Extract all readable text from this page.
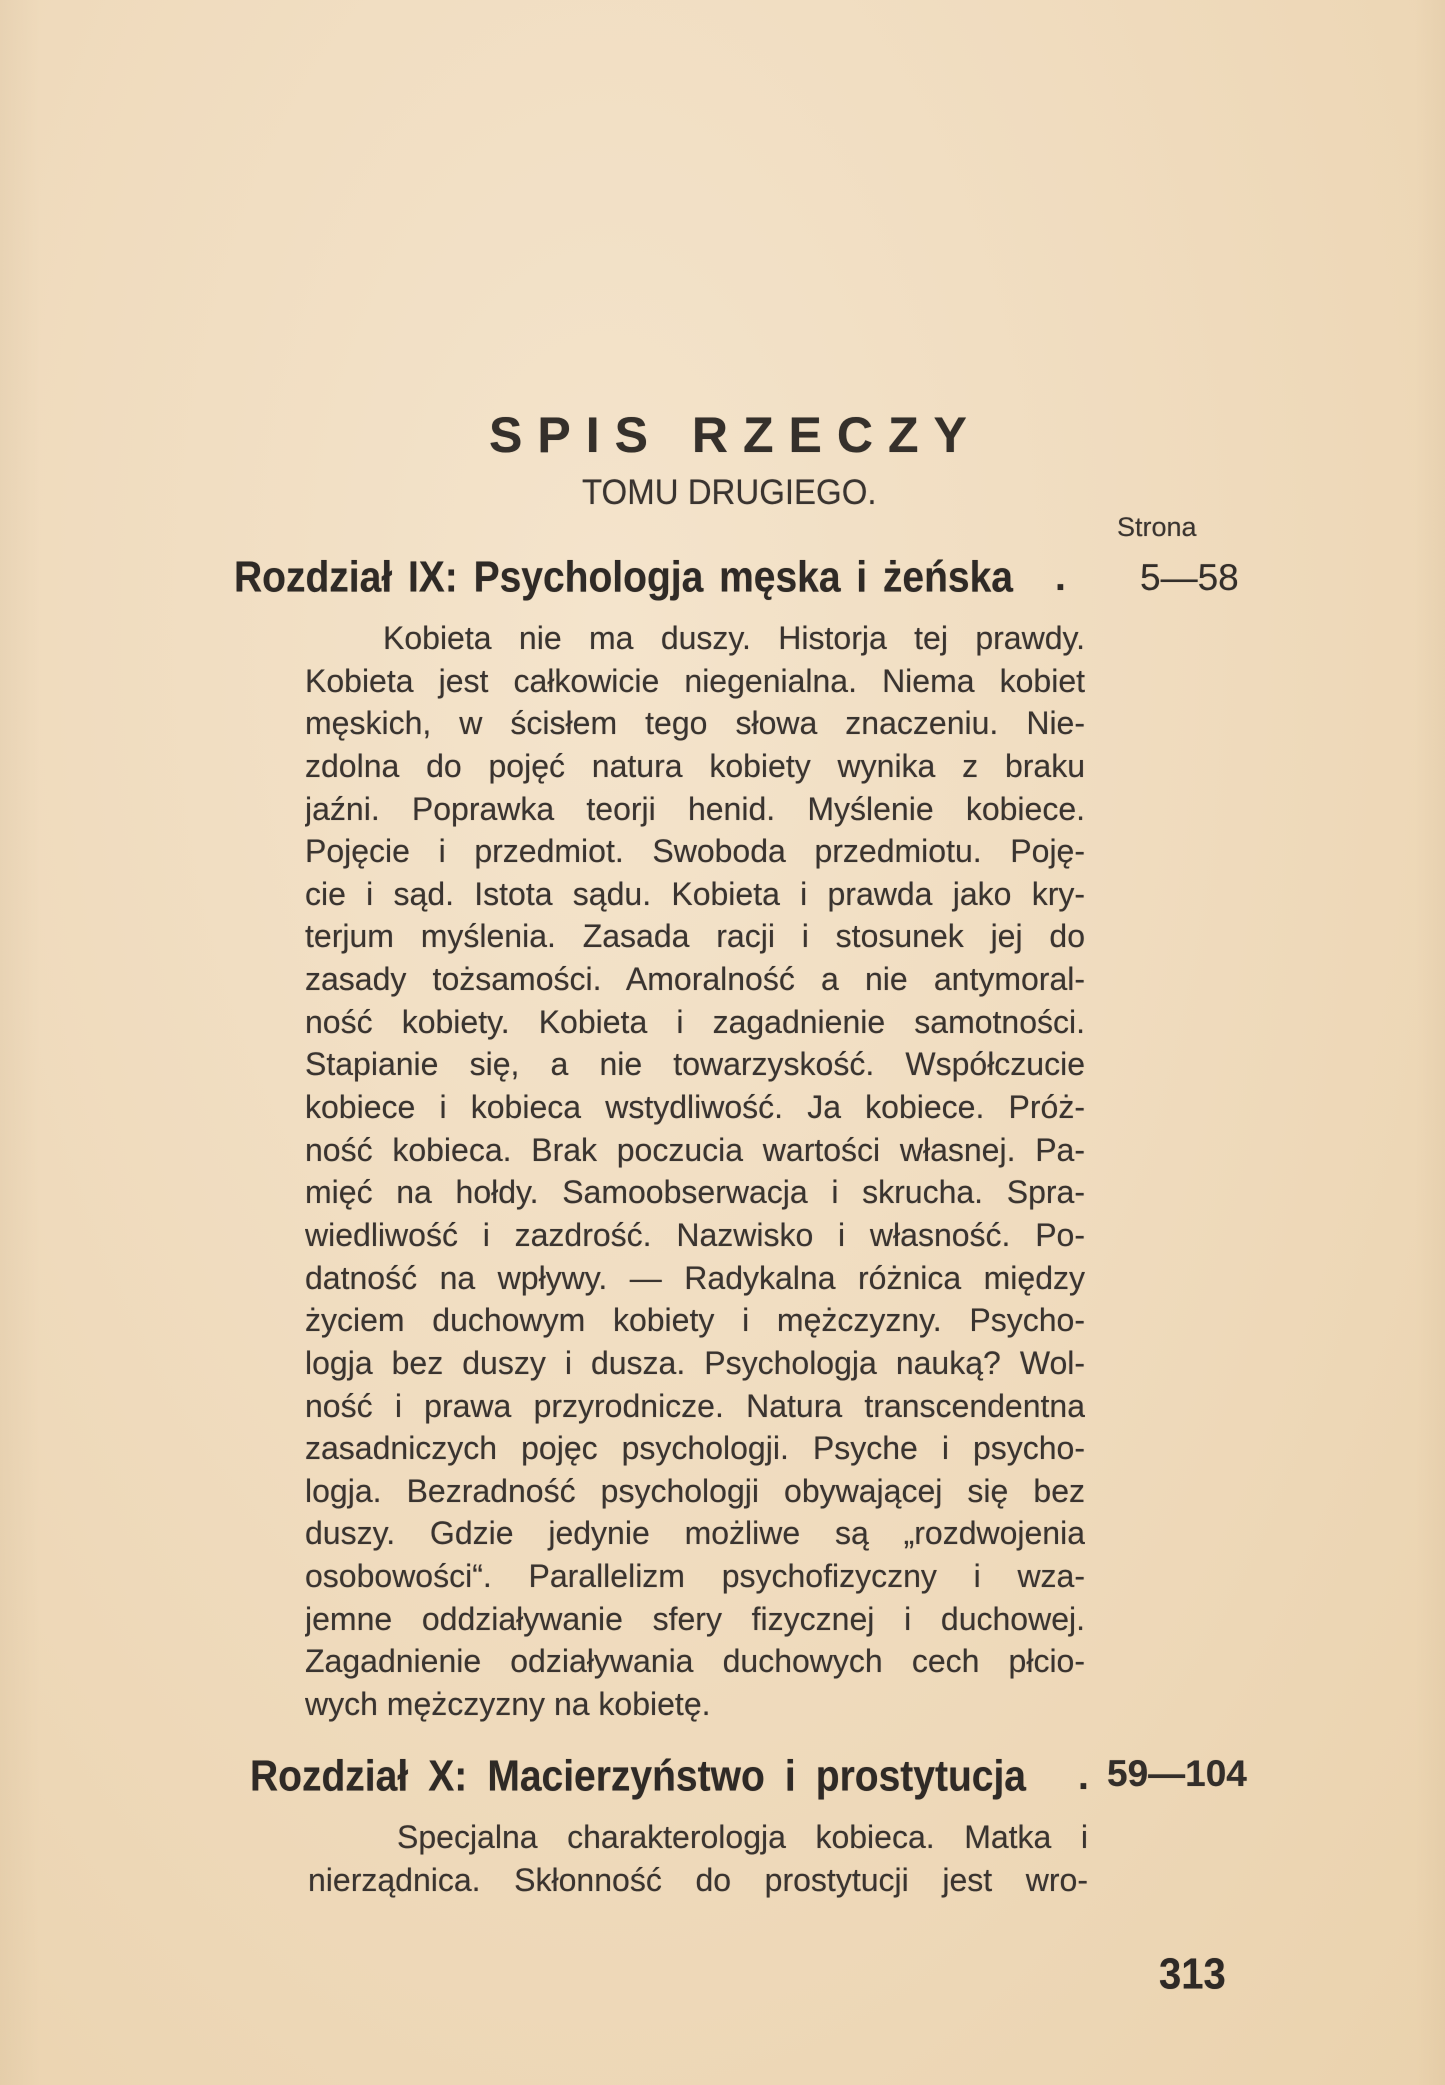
SPIS RZECZY
TOMU DRUGIEGO.
Strona
Rozdział IX: Psychologja męska i żeńska . 5—58
Kobieta nie ma duszy. Historja tej prawdy.
Kobieta jest całkowicie niegenialna. Niema kobiet
męskich, w ścisłem tego słowa znaczeniu. Nie-
zdolna do pojęć natura kobiety wynika z braku
jaźni. Poprawka teorji henid. Myślenie kobiece.
Pojęcie i przedmiot. Swoboda przedmiotu. Poję-
cie i sąd. Istota sądu. Kobieta i prawda jako kry-
terjum myślenia. Zasada racji i stosunek jej do
zasady tożsamości. Amoralność a nie antymoral-
ność kobiety. Kobieta i zagadnienie samotności.
Stapianie się, a nie towarzyskość. Współczucie
kobiece i kobieca wstydliwość. Ja kobiece. Próż-
ność kobieca. Brak poczucia wartości własnej. Pa-
mięć na hołdy. Samoobserwacja i skrucha. Spra-
wiedliwość i zazdrość. Nazwisko i własność. Po-
datność na wpływy. — Radykalna różnica między
życiem duchowym kobiety i mężczyzny. Psycho-
logja bez duszy i dusza. Psychologja nauką? Wol-
ność i prawa przyrodnicze. Natura transcendentna
zasadniczych pojęc psychologji. Psyche i psycho-
logja. Bezradność psychologji obywającej się bez
duszy. Gdzie jedynie możliwe są „rozdwojenia
osobowości“. Parallelizm psychofizyczny i wza-
jemne oddziaływanie sfery fizycznej i duchowej.
Zagadnienie odziaływania duchowych cech płcio-
wych mężczyzny na kobietę.
Rozdział X: Macierzyństwo i prostytucja . 59—104
Specjalna charakterologja kobieca. Matka i
nierządnica. Skłonność do prostytucji jest wro-
313
